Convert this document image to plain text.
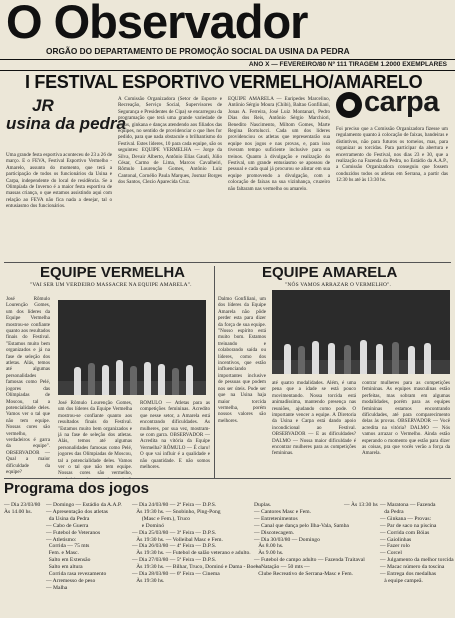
O Observador
ORGÃO DO DEPARTAMENTO DE PROMOÇÃO SOCIAL DA USINA DA PEDRA
ANO X — FEVEREIRO/80 Nº 111 TIRAGEM 1.2000 EXEMPLARES
I FESTIVAL ESPORTIVO VERMELHO/AMARELO
JR
usina da pedra
Uma grande festa esportiva aconteceu de 23 a 26 de março. E o FEVA, Festival Esportivo Vermelho - Amarelo, assunto do momento, que terá a participação de todos os funcionários da Usina e Carpa, independente do local de residência. Se a Olimpíada de Inverno é a maior festa esportiva de massas criança, o que estamos assistindo aqui com relação ao FEVA não fica nada a desejar, tal o entusiasmo dos funcionários.
A Comissão Organizadora (Setor de Esporte e Recreação, Serviço Social, Supervisores de Segurança e Presidentes de Cipa) se encarregou da programação que terá uma grande variedade de jogos, ginkana e danças atendendo aos filiados das equipes, no sentido de providenciar o que lhes for pedido, para que nada obstacule o brilhantismo do Festival. Estes líderes, 10 para cada equipe, são os seguintes: EQUIPE VERMELHA — Jorge da Silva, Devair Alberto, Antônio Elias Gaudi, Júlio César, Carmo de Lima, Marcos Cavalheiri, Rômulo Lourenção Gomes, Antônio Luiz Cantonal, Cornélio Paula Marques, Josmar Borges dos Santos, Clezio Aparecida Cruz.
EQUIPE AMARELA — Euripedes Marcelino, Antônio Sérgio Moura (Chibi), Baltao Gonfiliani, Jonas A. Ferreira, José Luiz Montanari, Pedro Dias dos Reis, Antônio Sérgio Marchiori, Benedito Nascimento, Miltom Gomes, Marte Regina Bortolucci. Cada um dos líderes providenciou os atletas que representarão sua equipe nos jogos e nas provas, e, para isso tiveram tempo suficiente inclusive para os treinos. Quanto à divulgação e realização do Festival, um grande entusiasmo se apossou de pessoal e cada qual já procurou se alistar em sua equipe promovendo a divulgação, com a colocação de faixas na sua vizinhança, cruzeiro não faltaram nas vermelho ou amarelo.
carpa
Foi preciso que a Comissão Organizadora fizesse um regulamento quanto à colocação de faixas, bandeiras e distintivos, não para futuros os torneios, mas, para organizar as torcidas. Para participar da abertura e encerramento do Festival, nos dias 23 e 30, que a realização na Fazenda da Pedra, no Estádio da A.A.P., a Comissão Organizadora conseguiu que fossem conduzidos todos os atletas em Serrana, a partir das 12:30 hs até às 13:30 hs.
EQUIPE VERMELHA
"VAI SER UM VERDEIRO MASSACRE NA EQUIPE AMARELA".
José Rômulo Lourenção Gomes, um dos líderes da Equipe Vermelha mostrou-se confiante quanto aos resultados finais do Festival. "Estamos muito bem organizados e já na fase de seleção dos atletas. Alás, temos até algumas personalidades famosas como Pelé, jogores das Olímpiadas de Moscou, tal a potencialidade deles. Vamos ver o tal que não tem equipe. Nossas cores são vermelho, verdadeiros é garra da equipe". OBSERVADOR — Qual a maior dificuldade da equipe?
José Rômulo Lourenção Gomes, um dos líderes da Equipe Vermelha mostrou-se confiante quanto aos resultados finais do Festival. "Estamos muito bem organizados e já na fase de seleção dos atletas. Alás, temos até algumas personalidades famosas como Pelé, jogores das Olímpiadas de Moscou, tal a potencialidade deles. Vamos ver o tal que não tem equipe. Nossas cores são vermelho,
RÔMULO — Atletas para as competições femininas. Acredito que nesse setor, a Amarela está encontrando dificuldades. As mulheres, por sua vez, mostram-se com garra. OBSERVADOR — Acredita na vitória da Equipe Vermelha? RÔMULO — É claro! O que vai influir é a qualidade e não quantidade. E não somos melhores.
EQUIPE AMARELA
"NÓS VAMOS ARRAZAR O VERMELHO".
Dalmo Gonfiliani, um dos líderes da Equipe Amarela não pôde perder esta para dizer da força de sua equipe. "Nosso espírito está muito bom. Estamos treinando e colaborando saída ou líderes, como dos incentivos, que estão influenciando importantes inclusive de pessoas que podem nos ser úteis. Pode ser que na Usina haja maior torcida vermelha, porém nossos valores são melhores.
até quatro modalidades. Além, é uma pena que a idade se está pouco movimentando. Nossa torcida está animadíssima, mantendo presença nas reuniões, ajudando como pode. O importante vencer a equipe. A Diretoria da Usina e Carpa está dando apoio incondicional ao Festival. OBSERVADOR — E as dificuldades? DALMO — Nossa maior dificuldade é encontrar mulheres para as competições femininas.
contrar mulheres para as competições femininas. As equipes masculinas estão perfeitas, mas sobram em algumas modalidades, porém para as equipes femininas estamos encontrando dificuldades, até para comparecimento delas às provas. OBSERVADOR — Você acredita na vitória? DALMO — Nós vamos arrazar o Vermelho. Ainda estão esperando o momento que estão para dizer as coisas, pra que vocês verão a força da Amarela.
Programa dos jogos
— Dia 23/03/80
Às 14.00 hs.

— Domingo — Estádio da A.A.P.
— Apresentação dos atletas
da Usina da Pedra
— Cabo de Guerra
— Futebol de Veteranos
— Atletismo:
Corrida — 75 mts
Fem. e Masc.
Salto em Extensão
Salto em altura
Corrida rasa revezamento
— Arremesso de peso
— Malha
— Dia 24/03/80 — 2ª Feira — D.P.S.
Às 19:30 hs. — Snobinho, Ping-Pong
(Masc e Fem.), Truco
e Dominó
— Dia 25/03/80 — 3ª Feira — D.P.S.
Às 19:30 hs. — Volleibal Masc e Fem.
— Dia 26/03/80 — 4ª Feira — D.P.S.
Às 19:30 hs. — Futebol de salão veterano e adulto.
— Dia 27/03/80 — 5ª Feira — D.P.S.
Às 19:30 hs. — Bilhar, Truco, Dominó e Dama - Bocha
— Dia 28/03/80 — 6ª Feira — Cinema
Às 19:30 hs.
Duplas.
— Cantores Masc e Fem.
— Entretenimentos
— Canal que dança pelo Ilha-Vala, Samba
— Discotecagem.
— Dia 30/03/80 — Domingo
Às 8.00 hs.
Às 9.00 hs.
— Futebol de campo adulto — Fazenda Traitaval
— Natação — 50 mts —
Clube Recreativo de Serrana-Masc e Fem.
— Às 13:30 hs — Maratona — Fazenda
da Pedra
— Ginkana — Provas:
— Par de saco na piscina
— Corrida com Bóias
— Gaiolinhas
— Fazer rolo
— Corcel
— Julgamento da melhor torcida
— Macac número da toscina
— Entrega dos medalhas
à equipe campeã.
